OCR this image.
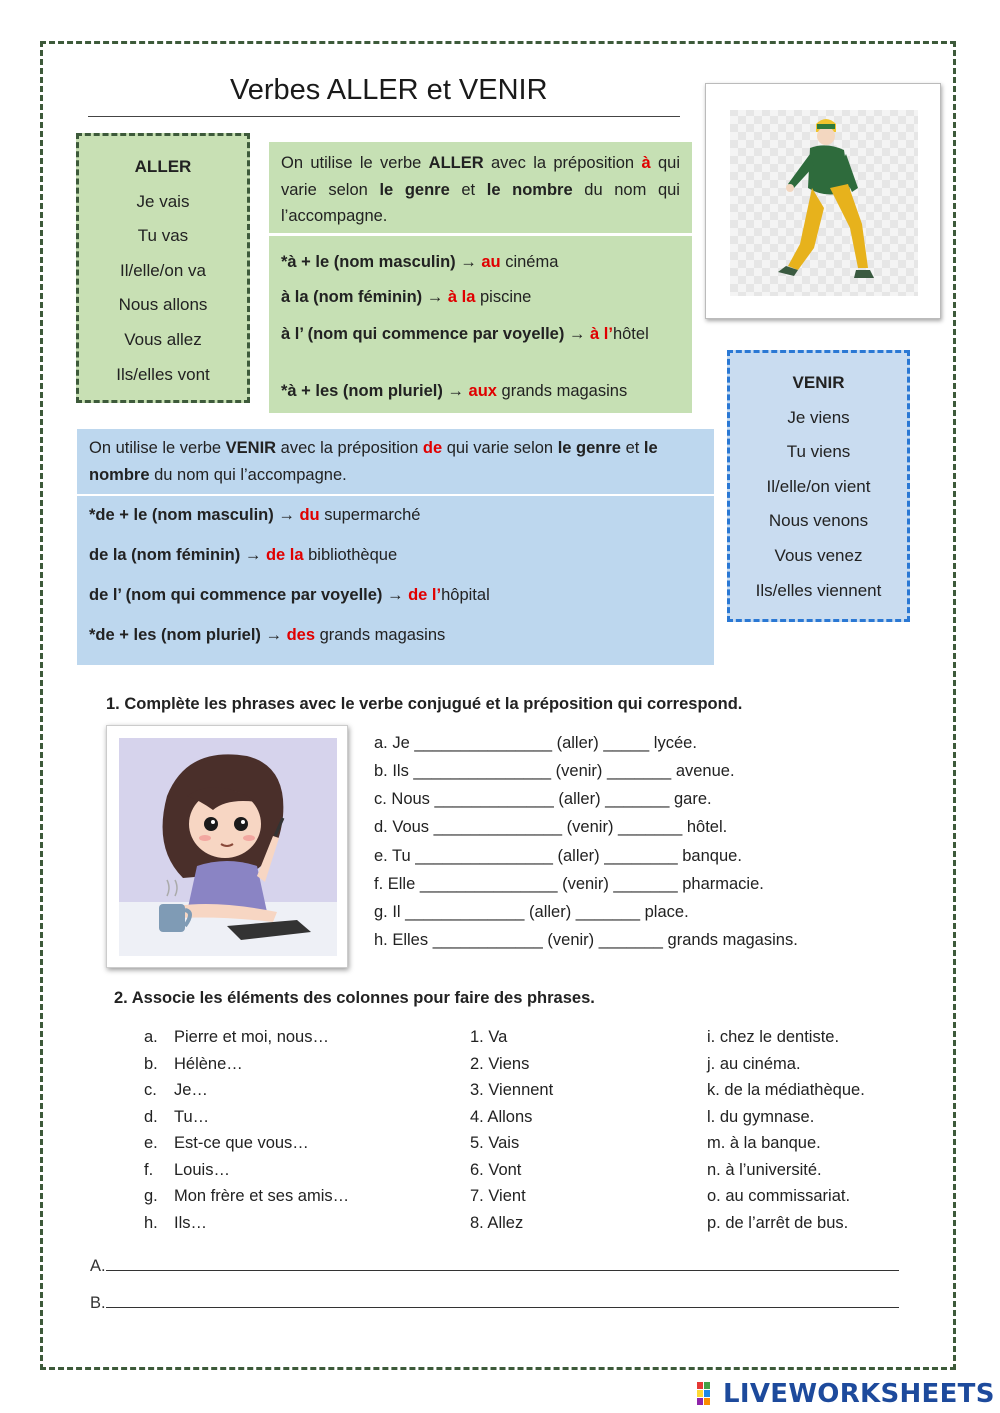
Verbes ALLER et VENIR
ALLER
Je vais
Tu vas
Il/elle/on va
Nous allons
Vous allez
Ils/elles vont
On utilise le verbe ALLER avec la préposition à qui varie selon le genre et le nombre du nom qui l’accompagne.
*à + le (nom masculin) → au cinéma
à la (nom féminin) → à la piscine
à l’ (nom qui commence par voyelle) → à l’hôtel
*à + les (nom pluriel) → aux grands magasins	VENIR
Je viens
Tu viens
Il/elle/on vient
Nous venons
Vous venez
Ils/elles viennent
On utilise le verbe VENIR avec la préposition de qui varie selon le genre et le nombre du nom qui l’accompagne.
*de + le (nom masculin) → du supermarché
de la (nom féminin) → de la bibliothèque
de l’ (nom qui commence par voyelle) → de l’hôpital
*de + les (nom pluriel) → des grands magasins
1. Complète les phrases avec le verbe conjugué et la préposition qui correspond.
a. Je _______________ (aller) _____ lycée.
b. Ils _______________ (venir) _______ avenue.
c. Nous _____________ (aller) _______ gare.
d. Vous ______________ (venir) _______ hôtel.
e. Tu _______________ (aller) ________ banque.
f. Elle _______________ (venir) _______ pharmacie.
g. Il _____________ (aller) _______ place.
h. Elles ____________ (venir) _______ grands magasins.
2. Associe les éléments des colonnes pour faire des phrases.
a.
b.
c.
d.
e.
f.
g.
h.
Pierre et moi, nous…
Hélène…
Je…
Tu…
Est-ce que vous…
Louis…
Mon frère et ses amis…
Ils…
1. Va
2. Viens
3. Viennent
4. Allons
5. Vais
6. Vont
7. Vient
8. Allez
i. chez le dentiste.
j. au cinéma.
k. de la médiathèque.
l. du gymnase.
m. à la banque.
n. à l’université.
o. au commissariat.
p. de l’arrêt de bus.
A.
B.
LIVEWORKSHEETS
